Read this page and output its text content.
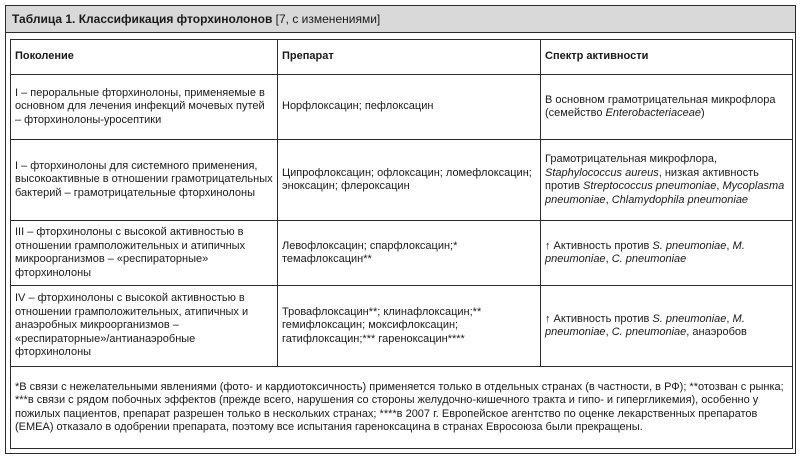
Таблица 1. Классификация фторхинолонов [7, с изменениями]
Поколение	Препарат	Спектр активности
I – пероральные фторхинолоны, применяемые в основном для лечения инфекций мочевых путей – фторхинолоны-уросептики	Норфлоксацин; пефлоксацин	В основном грамотрицательная микрофлора (семейство Enterobacteriaceae)
I – фторхинолоны для системного применения, высокоактивные в отношении грамотрицательных бактерий – грамотрицательные фторхинолоны	Ципрофлоксацин; офлоксацин; ломефлоксацин; эноксацин; флероксацин	Грамотрицательная микрофлора, Staphylococcus aureus, низкая активность против Streptococcus pneumoniae, Mycoplasma pneumoniae, Chlamydophila pneumoniae
III – фторхинолоны с высокой активностью в отношении грамположительных и атипичных микроорганизмов – «респираторные» фторхинолоны	Левофлоксацин; спарфлоксацин;* темафлоксацин**	↑ Активность против S. pneumoniae, M. pneumoniae, C. pneumoniae
IV – фторхинолоны с высокой активностью в отношении грамположительных, атипичных и анаэробных микроорганизмов – «респираторные»/антианаэробные фторхинолоны	Тровафлоксацин**; клинафлоксацин;** гемифлоксацин; моксифлоксацин; гатифлоксацин;*** гареноксацин****	↑ Активность против S. pneumoniae, M. pneumoniae, C. pneumoniae, анаэробов
*В связи с нежелательными явлениями (фото- и кардиотоксичность) применяется только в отдельных странах (в частности, в РФ); **отозван с рынка; ***в связи с рядом побочных эффектов (прежде всего, нарушения со стороны желудочно-кишечного тракта и гипо- и гипергликемия), особенно у пожилых пациентов, препарат разрешен только в нескольких странах; ****в 2007 г. Европейское агентство по оценке лекарственных препаратов (EMEA) отказало в одобрении препарата, поэтому все испытания гареноксацина в странах Евросоюза были прекращены.		
